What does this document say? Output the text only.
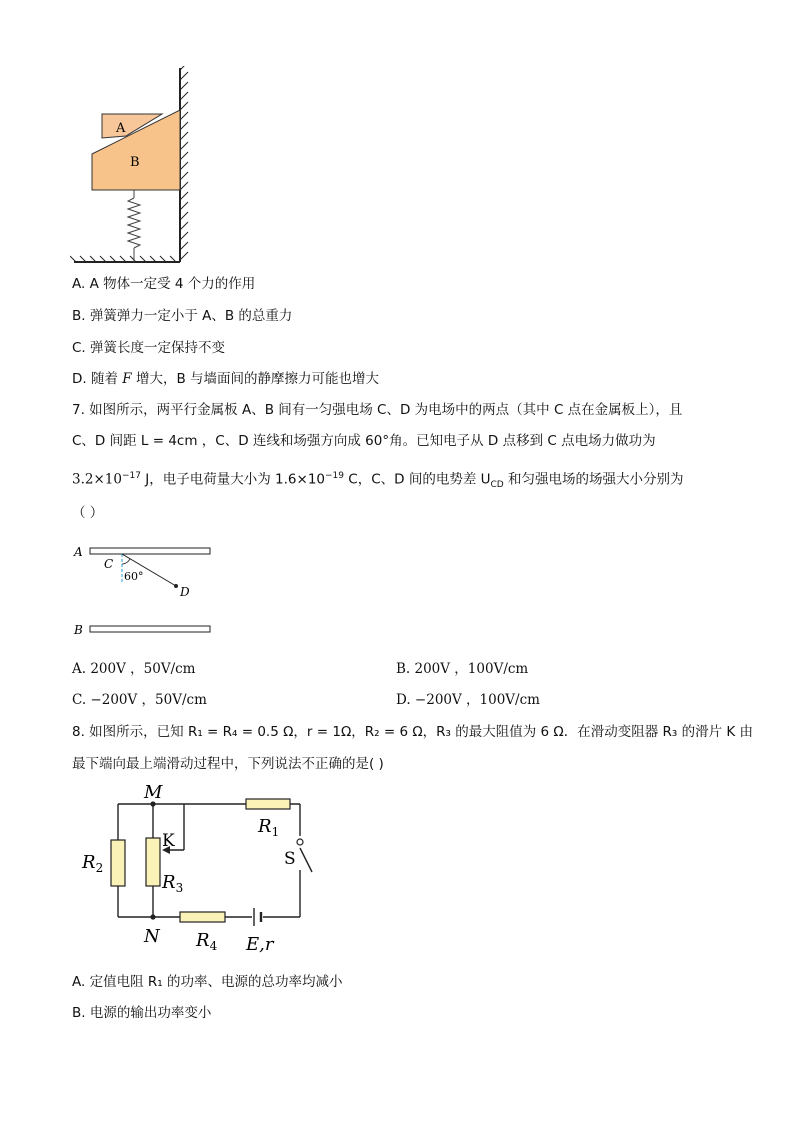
A
B
A. A 物体一定受 4 个力的作用
B. 弹簧弹力一定小于 A、B 的总重力
C. 弹簧长度一定保持不变
D. 随着 F 增大，B 与墙面间的静摩擦力可能也增大
7. 如图所示，两平行金属板 A、B 间有一匀强电场 C、D 为电场中的两点（其中 C 点在金属板上），且
C、D 间距 L = 4cm ，C、D 连线和场强方向成 60°角。已知电子从 D 点移到 C 点电场力做功为
$3.2\times 10^{-17}$ J，电子电荷量大小为 $1.6\times 10^{-19}$ C，C、D 间的电势差 $U_{CD}$ 和匀强电场的场强大小分别为
（ ）
A
B
C
D
60°
A. 200V ，50V/cm	B. 200V ，100V/cm
C. −200V ，50V/cm	D. −200V ，100V/cm
8. 如图所示，已知 R₁ = R₄ = 0.5 Ω，r = 1Ω，R₂ = 6 Ω，R₃ 的最大阻值为 6 Ω．在滑动变阻器 R₃ 的滑片 K 由
最下端向最上端滑动过程中，下列说法不正确的是( )
M
N
K
S
$R_1$
$R_2$
$R_3$
$R_4$ E,r
A. 定值电阻 R₁ 的功率、电源的总功率均减小
B. 电源的输出功率变小
